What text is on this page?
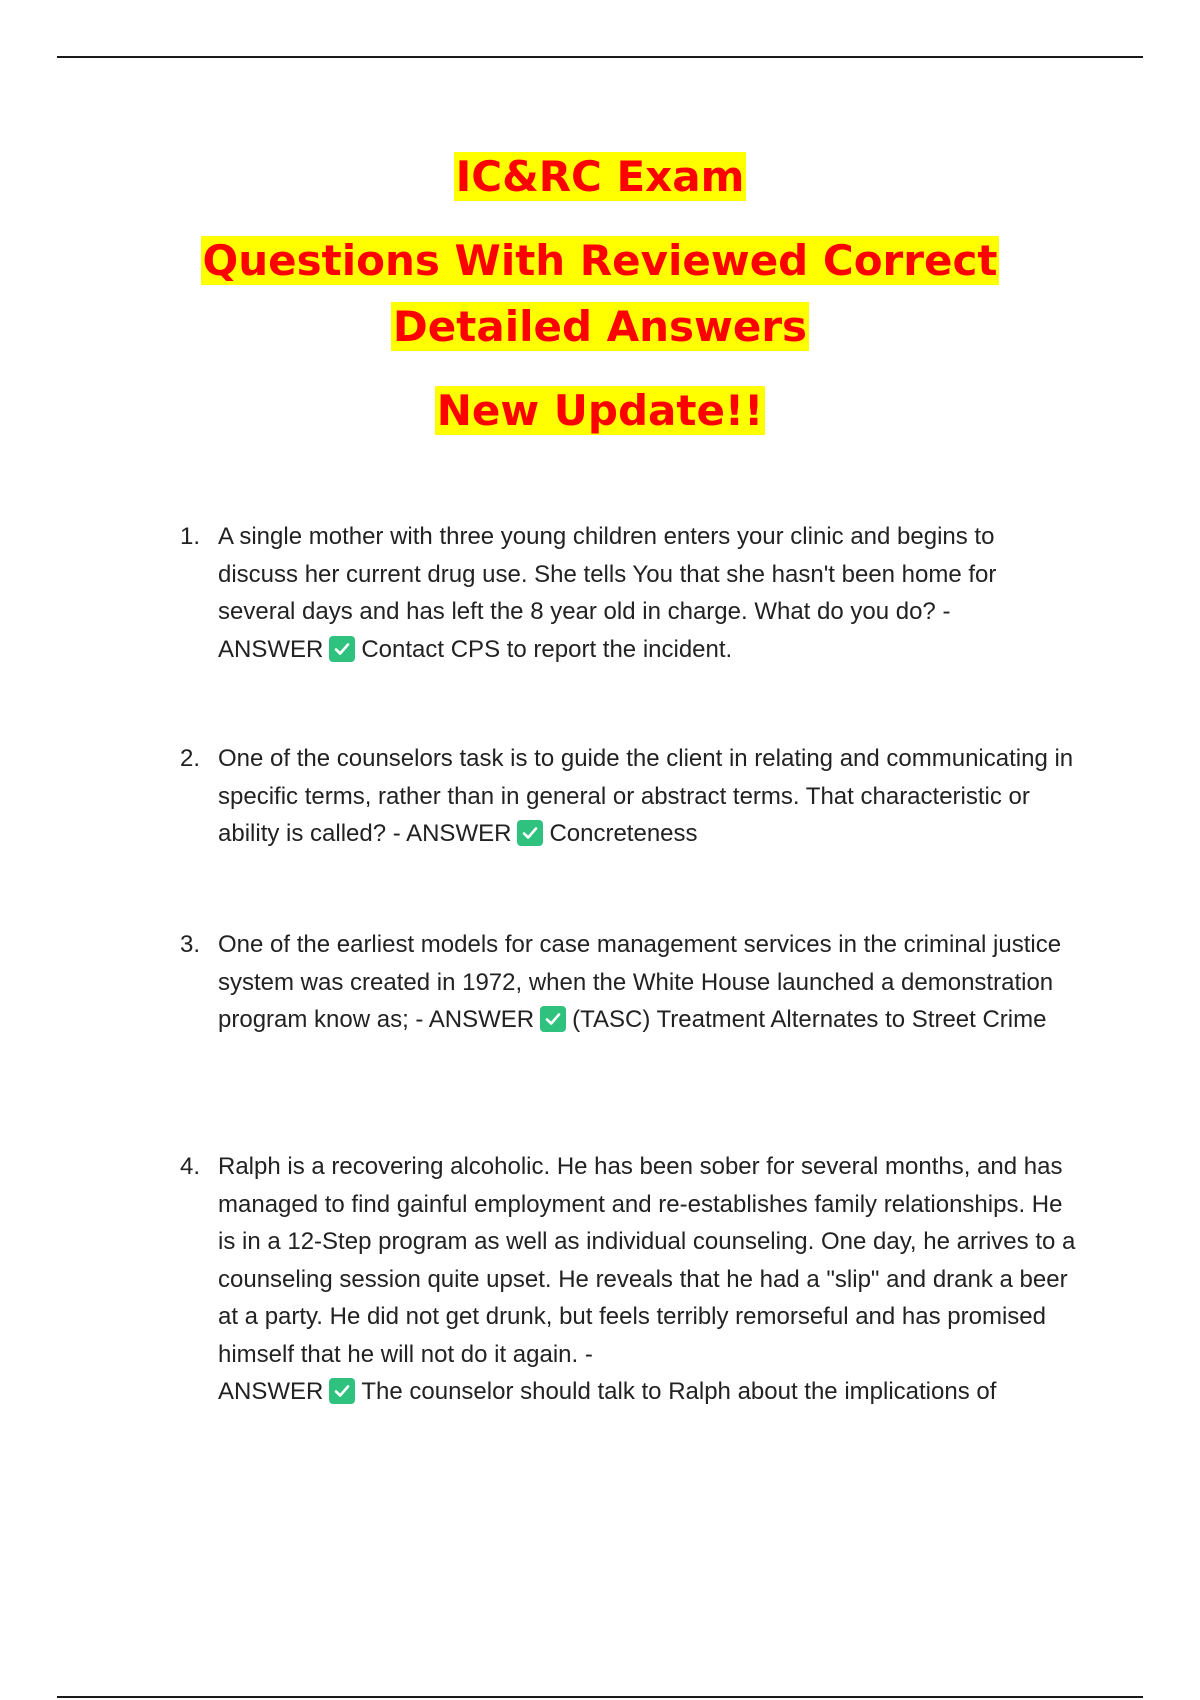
IC&RC Exam
Questions With Reviewed Correct Detailed Answers
New Update!!
1. A single mother with three young children enters your clinic and begins to discuss her current drug use. She tells You that she hasn't been home for several days and has left the 8 year old in charge. What do you do? -
ANSWER Contact CPS to report the incident.
2. One of the counselors task is to guide the client in relating and communicating in specific terms, rather than in general or abstract terms. That characteristic or ability is called? - ANSWER Concreteness
3. One of the earliest models for case management services in the criminal justice system was created in 1972, when the White House launched a demonstration program know as; - ANSWER (TASC) Treatment Alternates to Street Crime
4. Ralph is a recovering alcoholic. He has been sober for several months, and has managed to find gainful employment and re-establishes family relationships. He is in a 12-Step program as well as individual counseling. One day, he arrives to a counseling session quite upset. He reveals that he had a "slip" and drank a beer at a party. He did not get drunk, but feels terribly remorseful and has promised himself that he will not do it again. -
ANSWER The counselor should talk to Ralph about the implications of
